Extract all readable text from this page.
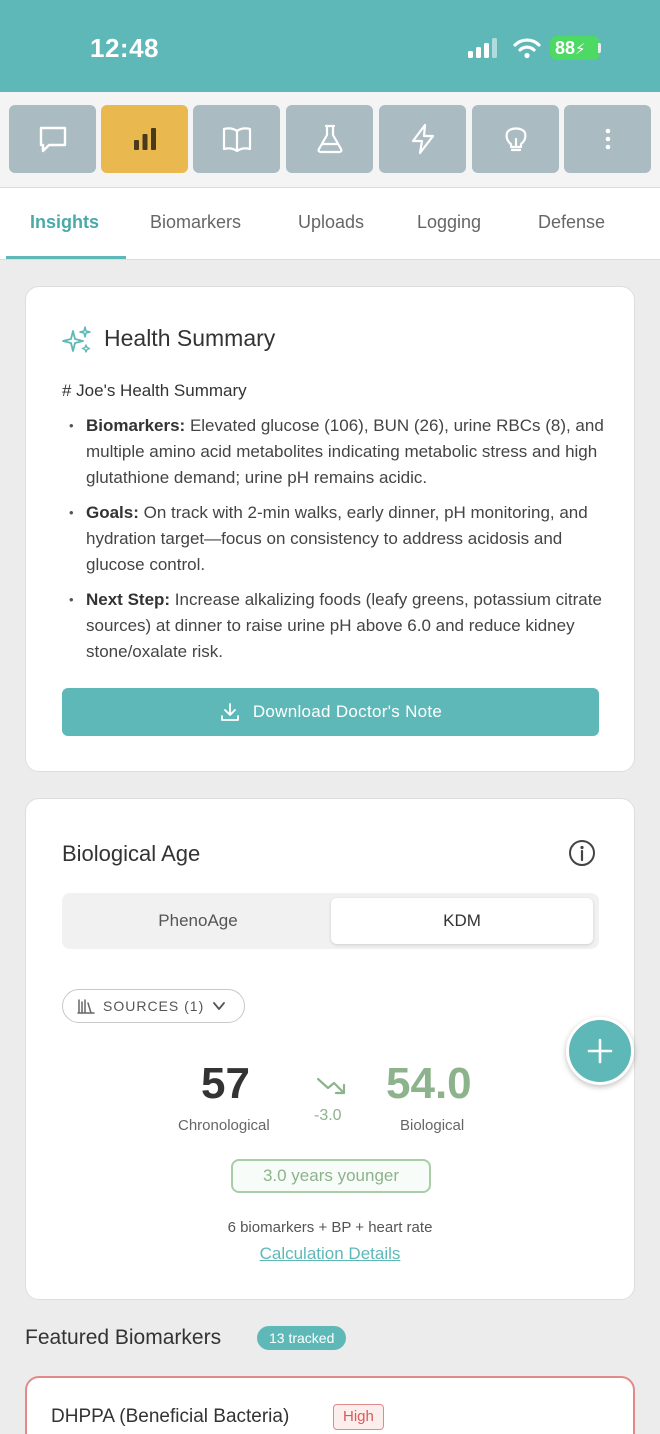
12:48	88⚡
Insights	Biomarkers	Uploads	Logging	Defense
Health Summary
# Joe's Health Summary
• Biomarkers: Elevated glucose (106), BUN (26), urine RBCs (8), and multiple amino acid metabolites indicating metabolic stress and high glutathione demand; urine pH remains acidic.
• Goals: On track with 2-min walks, early dinner, pH monitoring, and hydration target—focus on consistency to address acidosis and glucose control.
• Next Step: Increase alkalizing foods (leafy greens, potassium citrate sources) at dinner to raise urine pH above 6.0 and reduce kidney stone/oxalate risk.
Download Doctor's Note
Biological Age
PhenoAge	KDM
SOURCES (1)
57
Chronological
-3.0
54.0
Biological
3.0 years younger
6 biomarkers + BP + heart rate
Calculation Details
Featured Biomarkers	13 tracked
DHPPA (Beneficial Bacteria)	High
